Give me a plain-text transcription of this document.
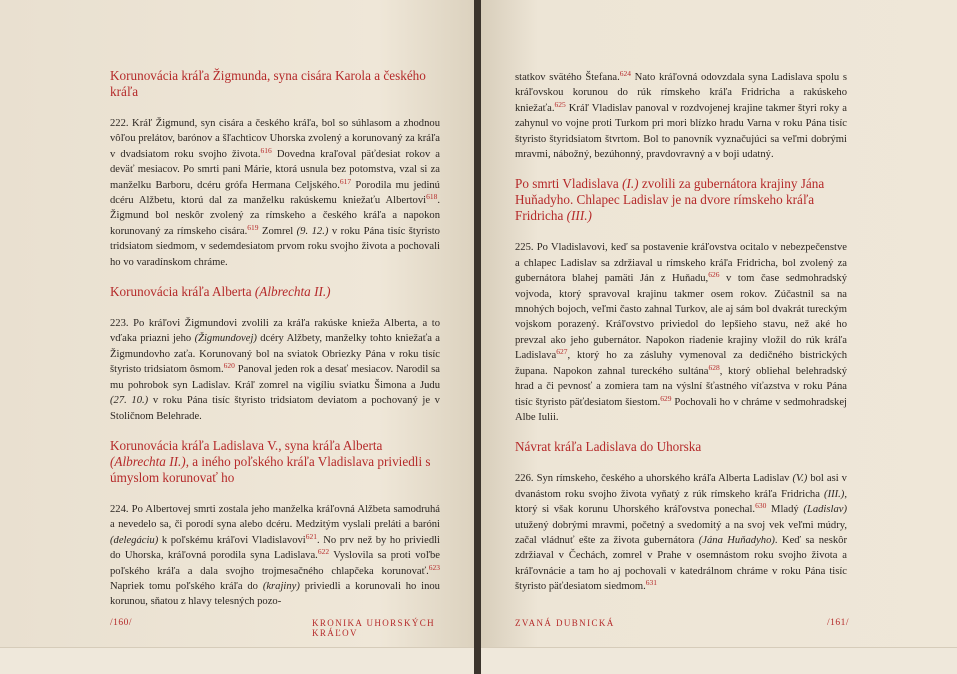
Korunovácia kráľa Žigmunda, syna cisára Karola a českého kráľa

222. Kráľ Žigmund, syn cisára a českého kráľa, bol so súhlasom a zhodnou vôľou prelátov, barónov a šľachticov Uhorska zvolený a korunovaný za kráľa v dvadsiatom roku svojho života.$^{616}$ Dovedna kraľoval päťdesiat rokov a deväť mesiacov. Po smrti pani Márie, ktorá usnula bez potomstva, vzal si za manželku Barboru, dcéru grófa Hermana Celjského.$^{617}$ Porodila mu jedinú dcéru Alžbetu, ktorú dal za manželku rakúskemu kniežaťu Albertovi$^{618}$. Žigmund bol neskôr zvolený za rímskeho a českého kráľa a napokon korunovaný za rímskeho cisára.$^{619}$ Zomrel (9. 12.) v roku Pána tisíc štyristo tridsiatom siedmom, v sedemdesiatom prvom roku svojho života a pochovali ho vo varadínskom chráme.

Korunovácia kráľa Alberta (Albrechta II.)

223. Po kráľovi Žigmundovi zvolili za kráľa rakúske knieža Alberta, a to vďaka priazni jeho (Žigmundovej) dcéry Alžbety, manželky tohto kniežaťa a Žigmundovho zaťa. Korunovaný bol na sviatok Obriezky Pána v roku tisíc štyristo tridsiatom ôsmom.$^{620}$ Panoval jeden rok a desať mesiacov. Narodil sa mu pohrobok syn Ladislav. Kráľ zomrel na vigíliu sviatku Šimona a Judu (27. 10.) v roku Pána tisíc štyristo tridsiatom deviatom a pochovaný je v Stoličnom Belehrade.

Korunovácia kráľa Ladislava V., syna kráľa Alberta (Albrechta II.), a iného poľského kráľa Vladislava priviedli s úmyslom korunovať ho

224. Po Albertovej smrti zostala jeho manželka kráľovná Alžbeta samodruhá a nevedelo sa, či porodí syna alebo dcéru. Medzitým vyslali preláti a baróni (delegáciu) k poľskému kráľovi Vladislavovi$^{621}$. No prv než by ho priviedli do Uhorska, kráľovná porodila syna Ladislava.$^{622}$ Vyslovila sa proti voľbe poľského kráľa a dala svojho trojmesačného chlapčeka korunovať.$^{623}$ Napriek tomu poľského kráľa do (krajiny) priviedli a korunovali ho inou korunou, sňatou z hlavy telesných pozo-

/160/	KRONIKA UHORSKÝCH KRÁĽOV

statkov svätého Štefana.$^{624}$ Nato kráľovná odovzdala syna Ladislava spolu s kráľovskou korunou do rúk rímskeho kráľa Fridricha a rakúskeho kniežaťa.$^{625}$ Kráľ Vladislav panoval v rozdvojenej krajine takmer štyri roky a zahynul vo vojne proti Turkom pri mori blízko hradu Varna v roku Pána tisíc štyristo štyridsiatom štvrtom. Bol to panovník vyznačujúci sa veľmi dobrými mravmi, nábožný, bezúhonný, pravdovravný a v boji udatný.

Po smrti Vladislava (I.) zvolili za gubernátora krajiny Jána Huňadyho. Chlapec Ladislav je na dvore rímskeho kráľa Fridricha (III.)

225. Po Vladislavovi, keď sa postavenie kráľovstva ocitalo v nebezpečenstve a chlapec Ladislav sa zdržiaval u rímskeho kráľa Fridricha, bol zvolený za gubernátora blahej pamäti Ján z Huňadu,$^{626}$ v tom čase sedmohradský vojvoda, ktorý spravoval krajinu takmer osem rokov. Zúčastnil sa na mnohých bojoch, veľmi často zahnal Turkov, ale aj sám bol dvakrát tureckým vojskom porazený. Kráľovstvo priviedol do lepšieho stavu, než aké ho prevzal ako jeho gubernátor. Napokon riadenie krajiny vložil do rúk kráľa Ladislava$^{627}$, ktorý ho za zásluhy vymenoval za dedičného bistrických župana. Napokon zahnal tureckého sultána$^{628}$, ktorý obliehal belehradský hrad a či pevnosť a zomiera tam na výslní šťastného víťazstva v roku Pána tisíc štyristo päťdesiatom šiestom.$^{629}$ Pochovali ho v chráme v sedmohradskej Albe Iulii.

Návrat kráľa Ladislava do Uhorska

226. Syn rímskeho, českého a uhorského kráľa Alberta Ladislav (V.) bol asi v dvanástom roku svojho života vyňatý z rúk rímskeho kráľa Fridricha (III.), ktorý si však korunu Uhorského kráľovstva ponechal.$^{630}$ Mladý (Ladislav) utužený dobrými mravmi, početný a svedomitý a na svoj vek veľmi múdry, začal vládnuť ešte za života gubernátora (Jána Huňadyho). Keď sa neskôr zdržiaval v Čechách, zomrel v Prahe v osemnástom roku svojho života a kráľovnácie a tam ho aj pochovali v katedrálnom chráme v roku Pána tisíc štyristo päťdesiatom siedmom.$^{631}$

ZVANÁ DUBNICKÁ	/161/
